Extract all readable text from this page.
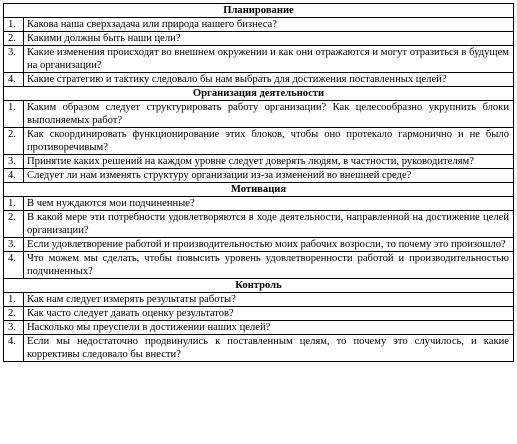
Планирование	
1.	Какова наша сверхзадача или природа нашего бизнеса?
2.	Какими должны быть наши цели?
3.	Какие изменения происходят во внешнем окружении и как они отражаются и могут отразиться в будущем на организации?
4.	Какие стратегию и тактику следовало бы нам выбрать для достижения поставленных целей?
Организация деятельности	
1.	Каким образом следует структурировать работу организации? Как целесообразно укрупнить блоки выполняемых работ?
2.	Как скоординировать функционирование этих блоков, чтобы оно протекало гармонично и не было противоречивым?
3.	Принятие каких решений на каждом уровне следует доверять людям, в частности, руководителям?
4.	Следует ли нам изменять структуру организации из-за изменений во внешней среде?
Мотивация	
1.	В чем нуждаются мои подчиненные?
2.	В какой мере эти потребности удовлетворяются в ходе деятельности, направленной на достижение целей организации?
3.	Если удовлетворение работой и производительностью моих рабочих возросли, то почему это произошло?
4.	Что можем мы сделать, чтобы повысить уровень удовлетворенности работой и производительностью подчиненных?
Контроль	
1.	Как нам следует измерять результаты работы?
2.	Как часто следует давать оценку результатов?
3.	Насколько мы преуспели в достижении наших целей?
4.	Если мы недостаточно продвинулись к поставленным целям, то почему это случилось, и какие коррективы следовало бы внести?
